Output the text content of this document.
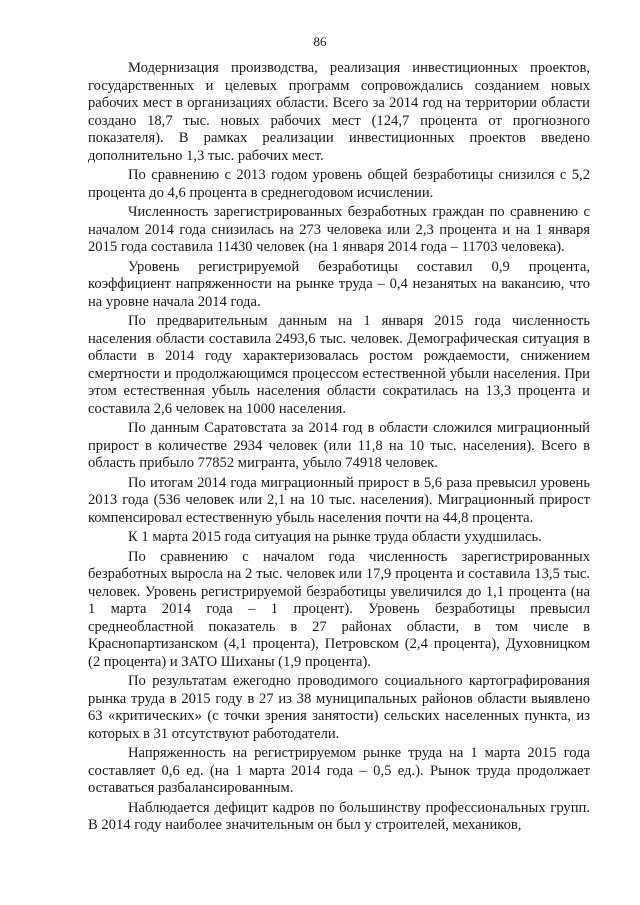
86

Модернизация производства, реализация инвестиционных проектов, государственных и целевых программ сопровождались созданием новых рабочих мест в организациях области. Всего за 2014 год на территории области создано 18,7 тыс. новых рабочих мест (124,7 процента от прогнозного показателя). В рамках реализации инвестиционных проектов введено дополнительно 1,3 тыс. рабочих мест.

По сравнению с 2013 годом уровень общей безработицы снизился с 5,2 процента до 4,6 процента в среднегодовом исчислении.

Численность зарегистрированных безработных граждан по сравнению с началом 2014 года снизилась на 273 человека или 2,3 процента и на 1 января 2015 года составила 11430 человек (на 1 января 2014 года – 11703 человека).

Уровень регистрируемой безработицы составил 0,9 процента, коэффициент напряженности на рынке труда – 0,4 незанятых на вакансию, что на уровне начала 2014 года.

По предварительным данным на 1 января 2015 года численность населения области составила 2493,6 тыс. человек. Демографическая ситуация в области в 2014 году характеризовалась ростом рождаемости, снижением смертности и продолжающимся процессом естественной убыли населения. При этом естественная убыль населения области сократилась на 13,3 процента и составила 2,6 человек на 1000 населения.

По данным Саратовстата за 2014 год в области сложился миграционный прирост в количестве 2934 человек (или 11,8 на 10 тыс. населения). Всего в область прибыло 77852 мигранта, убыло 74918 человек.

По итогам 2014 года миграционный прирост в 5,6 раза превысил уровень 2013 года (536 человек или 2,1 на 10 тыс. населения). Миграционный прирост компенсировал естественную убыль населения почти на 44,8 процента.

К 1 марта 2015 года ситуация на рынке труда области ухудшилась.

По сравнению с началом года численность зарегистрированных безработных выросла на 2 тыс. человек или 17,9 процента и составила 13,5 тыс. человек. Уровень регистрируемой безработицы увеличился до 1,1 процента (на 1 марта 2014 года – 1 процент). Уровень безработицы превысил среднеобластной показатель в 27 районах области, в том числе в Краснопартизанском (4,1 процента), Петровском (2,4 процента), Духовницком (2 процента) и ЗАТО Шиханы (1,9 процента).

По результатам ежегодно проводимого социального картографирования рынка труда в 2015 году в 27 из 38 муниципальных районов области выявлено 63 «критических» (с точки зрения занятости) сельских населенных пункта, из которых в 31 отсутствуют работодатели.

Напряженность на регистрируемом рынке труда на 1 марта 2015 года составляет 0,6 ед. (на 1 марта 2014 года – 0,5 ед.). Рынок труда продолжает оставаться разбалансированным.

Наблюдается дефицит кадров по большинству профессиональных групп. В 2014 году наиболее значительным он был у строителей, механиков,
